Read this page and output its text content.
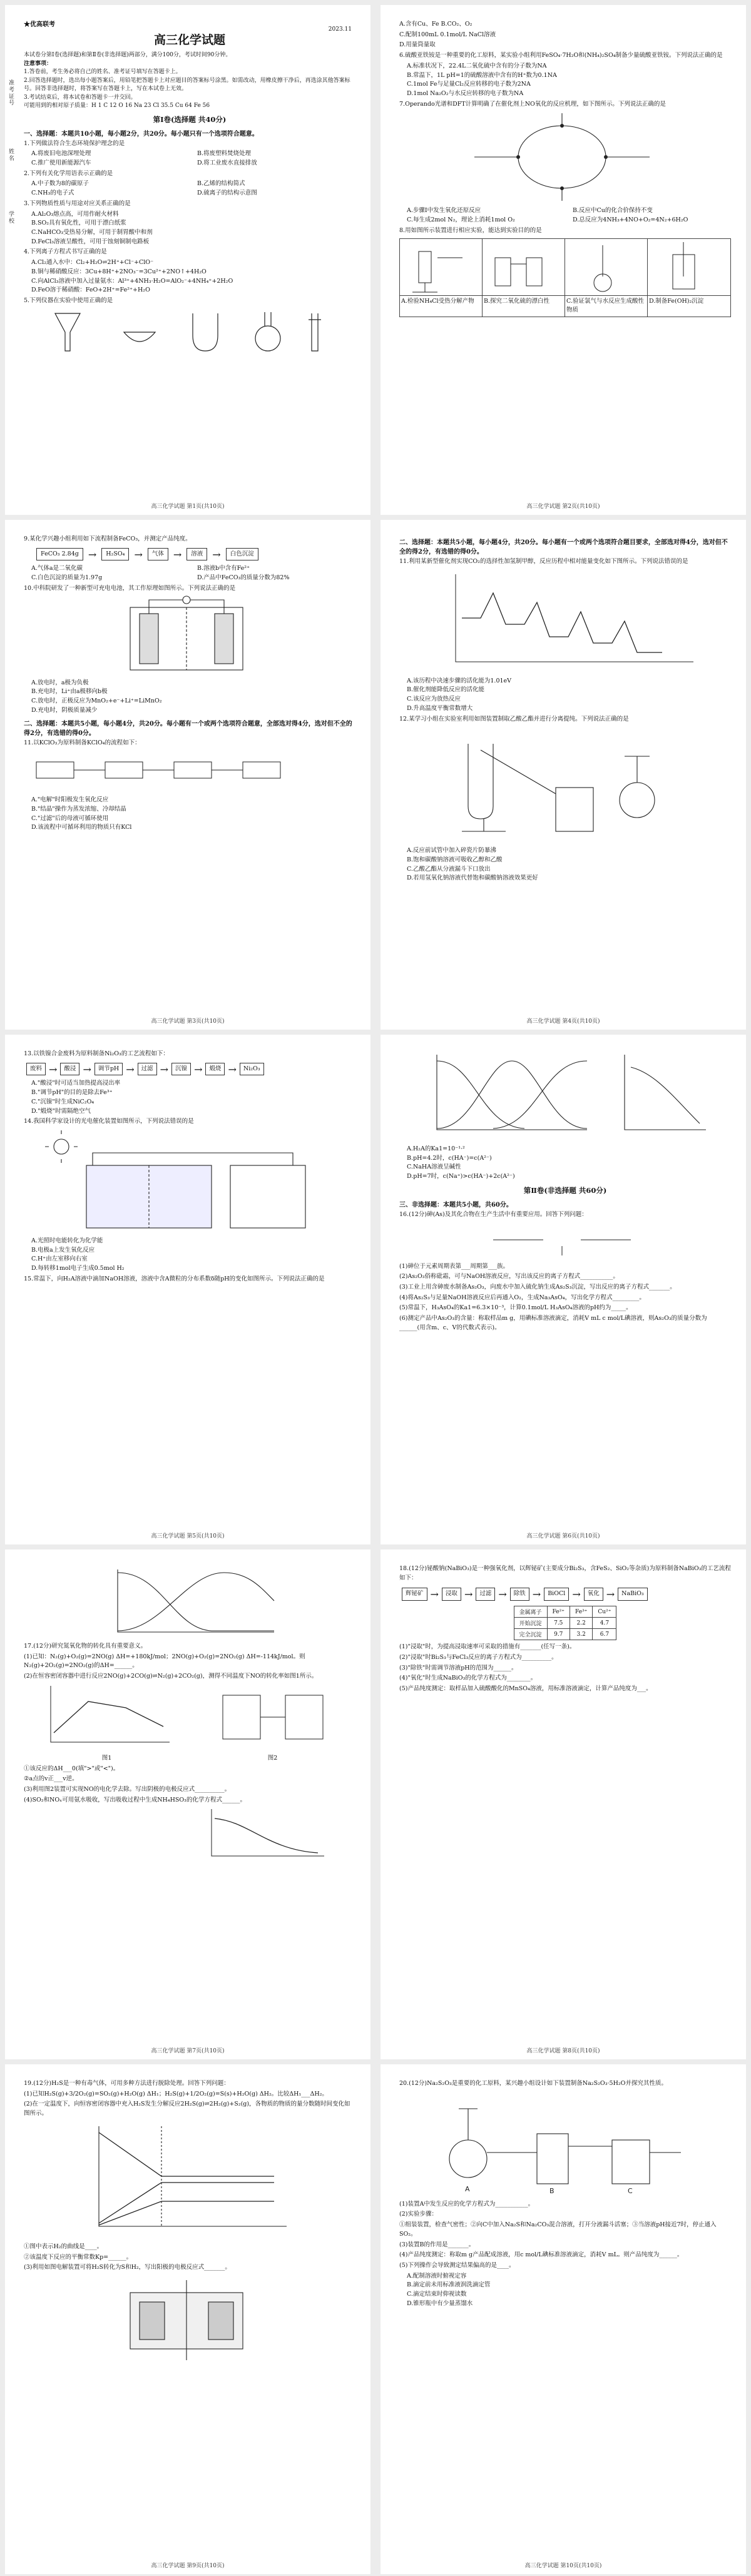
准考证号
姓名
学校
★优高联考
2023.11
高三化学试题
本试卷分第Ⅰ卷(选择题)和第Ⅱ卷(非选择题)两部分，满分100分，考试时间90分钟。
注意事项：
1.答卷前，考生务必将自己的姓名、准考证号填写在答题卡上。
2.回答选择题时，选出每小题答案后，用铅笔把答题卡上对应题目的答案标号涂黑。如需改动，用橡皮擦干净后，再选涂其他答案标号。回答非选择题时，将答案写在答题卡上，写在本试卷上无效。
3.考试结束后，将本试卷和答题卡一并交回。
可能用到的相对原子质量：H 1 C 12 O 16 Na 23 Cl 35.5 Cu 64 Fe 56
第Ⅰ卷(选择题 共40分)
一、选择题：本题共10小题，每小题2分，共20分。每小题只有一个选项符合题意。
1.下列做法符合生态环境保护理念的是
A.将废旧电池深埋处理	B.将废塑料焚烧处理
C.推广使用新能源汽车	D.将工业废水直接排放
2.下列有关化学用语表示正确的是
A.中子数为8的碳原子	B.乙烯的结构简式
C.NH₃的电子式	D.硫离子的结构示意图
3.下列物质性质与用途对应关系正确的是
A.Al₂O₃熔点高，可用作耐火材料
B.SO₂具有氧化性，可用于漂白纸浆
C.NaHCO₃受热易分解，可用于制胃酸中和剂
D.FeCl₃溶液呈酸性，可用于蚀刻铜制电路板
4.下列离子方程式书写正确的是
A.Cl₂通入水中：Cl₂+H₂O⇌2H⁺+Cl⁻+ClO⁻
B.铜与稀硝酸反应：3Cu+8H⁺+2NO₃⁻=3Cu²⁺+2NO↑+4H₂O
C.向AlCl₃溶液中加入过量氨水：Al³⁺+4NH₃·H₂O=AlO₂⁻+4NH₄⁺+2H₂O
D.FeO溶于稀硝酸：FeO+2H⁺=Fe²⁺+H₂O
5.下列仪器在实验中使用正确的是
高三化学试题 第1页(共10页)
A.含有Cu、Fe B.CO₂、O₂
C.配制100mL 0.1mol/L NaCl溶液
D.用量筒量取
6.硫酸亚铁铵是一种重要的化工原料，某实验小组利用FeSO₄·7H₂O和(NH₄)₂SO₄制备少量硫酸亚铁铵。下列说法正确的是
A.标准状况下，22.4L二氧化硫中含有的分子数为NA
B.常温下，1L pH=1的硫酸溶液中含有的H⁺数为0.1NA
C.1mol Fe与足量Cl₂反应转移的电子数为2NA
D.1mol Na₂O₂与水反应转移的电子数为NA
7.Operando光谱和DFT计算明确了在催化剂上NO氧化的反应机理，如下图所示。下列说法正确的是
A.步骤Ⅰ中发生氧化还原反应	B.反应中Cu的化合价保持不变
C.每生成2mol N₂，理论上消耗1mol O₂	D.总反应为4NH₃+4NO+O₂=4N₂+6H₂O
8.用如图所示装置进行相应实验，能达到实验目的的是
A.检验NH₄Cl受热分解产物	B.探究二氧化硫的漂白性	C.验证氯气与水反应生成酸性物质
D.制备Fe(OH)₂沉淀
高三化学试题 第2页(共10页)
9.某化学兴趣小组利用如下流程制备FeCO₃，并测定产品纯度。
FeCO₃ 2.84g →	H₂SO₄ →	气体 →	溶液 →	白色沉淀
A.气体a是二氧化碳	B.溶液b中含有Fe²⁺
C.白色沉淀的质量为1.97g	D.产品中FeCO₃的质量分数为82%
10.中科院研发了一种新型可充电电池，其工作原理如图所示。下列说法正确的是
A.放电时，a极为负极
B.充电时，Li⁺由a极移向b极
C.放电时，正极反应为MnO₂+e⁻+Li⁺=LiMnO₂
D.充电时，阴极质量减少
二、选择题：本题共5小题，每小题4分，共20分。每小题有一个或两个选项符合题意，全部选对得4分，选对但不全的得2分，有选错的得0分。
11.以KClO₃为原料制备KClO₄的流程如下：
A."电解"时阳极发生氧化反应
B."结晶"操作为蒸发浓缩、冷却结晶
C."过滤"后的母液可循环使用
D.该流程中可循环利用的物质只有KCl
高三化学试题 第3页(共10页)
二、选择题：本题共5小题，每小题4分，共20分。每小题有一个或两个选项符合题目要求，全部选对得4分，选对但不全的得2分，有选错的得0分。
11.利用某新型催化剂实现CO₂的选择性加氢制甲醇，反应历程中相对能量变化如下图所示。下列说法错误的是
A.该历程中决速步骤的活化能为1.01eV
B.催化剂能降低反应的活化能
C.该反应为放热反应
D.升高温度平衡常数增大
12.某学习小组在实验室利用如图装置制取乙酸乙酯并进行分离提纯。下列说法正确的是
A.反应前试管中加入碎瓷片防暴沸
B.饱和碳酸钠溶液可吸收乙醇和乙酸
C.乙酸乙酯从分液漏斗下口放出
D.若用氢氧化钠溶液代替饱和碳酸钠溶液效果更好
高三化学试题 第4页(共10页)
13.以铁镍合金废料为原料制备Ni₂O₃的工艺流程如下：
废料 →	酸浸 →	调节pH →	过滤 →	沉镍 →	煅烧 →	Ni₂O₃
A."酸浸"时可适当加热提高浸出率
B."调节pH"的目的是除去Fe³⁺
C."沉镍"时生成NiC₂O₄
D."煅烧"时需隔绝空气
14.我国科学家设计的光电催化装置如图所示，下列说法错误的是
A.光照时电能转化为化学能
B.电极a上发生氧化反应
C.H⁺由左室移向右室
D.每转移1mol电子生成0.5mol H₂
15.常温下，向H₂A溶液中滴加NaOH溶液，溶液中含A微粒的分布系数δ随pH的变化如图所示。下列说法正确的是
高三化学试题 第5页(共10页)
A.H₂A的Ka1=10⁻¹·²
B.pH=4.2时，c(HA⁻)=c(A²⁻)
C.NaHA溶液呈碱性
D.pH=7时，c(Na⁺)>c(HA⁻)+2c(A²⁻)
第Ⅱ卷(非选择题 共60分)
三、非选择题：本题共5小题，共60分。
16.(12分)砷(As)及其化合物在生产生活中有重要应用。回答下列问题：
(1)砷位于元素周期表第___周期第___族。
(2)As₂O₃俗称砒霜，可与NaOH溶液反应，写出该反应的离子方程式___________。
(3)工业上用含砷废水制备As₂O₃，向废水中加入硫化钠生成As₂S₃沉淀，写出反应的离子方程式_______。
(4)将As₂S₃与足量NaOH溶液反应后再通入O₂，生成Na₃AsO₄，写出化学方程式_________。
(5)常温下，H₃AsO₄的Ka1=6.3×10⁻³，计算0.1mol/L H₃AsO₄溶液的pH约为_____。
(6)测定产品中As₂O₃的含量：称取样品m g，用碘标准溶液滴定，消耗V mL c mol/L碘溶液，则As₂O₃的质量分数为______(用含m、c、V的代数式表示)。
高三化学试题 第6页(共10页)
17.(12分)研究氮氧化物的转化具有重要意义。
(1)已知：N₂(g)+O₂(g)=2NO(g) ΔH=+180kJ/mol；2NO(g)+O₂(g)=2NO₂(g) ΔH=-114kJ/mol。则N₂(g)+2O₂(g)=2NO₂(g)的ΔH=______。
(2)在恒容密闭容器中进行反应2NO(g)+2CO(g)⇌N₂(g)+2CO₂(g)，测得不同温度下NO的转化率如图1所示。
图1	图2
①该反应的ΔH___0(填">"或"<")。
②a点的v正___v逆。
(3)利用图2装置可实现NO的电化学去除。写出阴极的电极反应式__________。
(4)SO₂和NOₓ可用氨水吸收，写出吸收过程中生成NH₄HSO₃的化学方程式______。
高三化学试题 第7页(共10页)
18.(12分)铋酸钠(NaBiO₃)是一种强氧化剂，以辉铋矿(主要成分Bi₂S₃，含FeS₂、SiO₂等杂质)为原料制备NaBiO₃的工艺流程如下：
辉铋矿 →	浸取 →	过滤 →	除铁 →	BiOCl →	氧化 →	NaBiO₃
金属离子	Fe²⁺	Fe³⁺	Cu²⁺
开始沉淀	7.5	2.2	4.7
完全沉淀	9.7	3.2	6.7
(1)"浸取"时，为提高浸取速率可采取的措施有_______(任写一条)。
(2)"浸取"时Bi₂S₃与FeCl₃反应的离子方程式为__________。
(3)"除铁"时需调节溶液pH的范围为______。
(4)"氧化"时生成NaBiO₃的化学方程式为________。
(5)产品纯度测定：取样品加入硫酸酸化的MnSO₄溶液，用标准溶液滴定，计算产品纯度为___。
高三化学试题 第8页(共10页)
19.(12分)H₂S是一种有毒气体，可用多种方法进行脱除处理。回答下列问题：
(1)已知H₂S(g)+3/2O₂(g)=SO₂(g)+H₂O(g) ΔH₁；H₂S(g)+1/2O₂(g)=S(s)+H₂O(g) ΔH₂。比较ΔH₁___ΔH₂。
(2)在一定温度下，向恒容密闭容器中充入H₂S发生分解反应2H₂S(g)⇌2H₂(g)+S₂(g)，各物质的物质的量分数随时间变化如图所示。
①图中表示H₂的曲线是____。
②该温度下反应的平衡常数Kp=______。
(3)利用如图电解装置可将H₂S转化为S和H₂，写出阳极的电极反应式_______。
高三化学试题 第9页(共10页)
20.(12分)Na₂S₂O₃是重要的化工原料，某兴趣小组设计如下装置制备Na₂S₂O₃·5H₂O并探究其性质。
A	B	C
(1)装置A中发生反应的化学方程式为___________。
(2)实验步骤：
①组装装置，检查气密性；②向C中加入Na₂S和Na₂CO₃混合溶液，打开分液漏斗活塞；③当溶液pH接近7时，停止通入SO₂。
(3)装置B的作用是_______。
(4)产品纯度测定：称取m g产品配成溶液，用c mol/L碘标准溶液滴定，消耗V mL。则产品纯度为______。
(5)下列操作会导致测定结果偏高的是____。
A.配制溶液时俯视定容
B.滴定前未用标准液润洗滴定管
C.滴定结束时仰视读数
D.锥形瓶中有少量蒸馏水
高三化学试题 第10页(共10页)
